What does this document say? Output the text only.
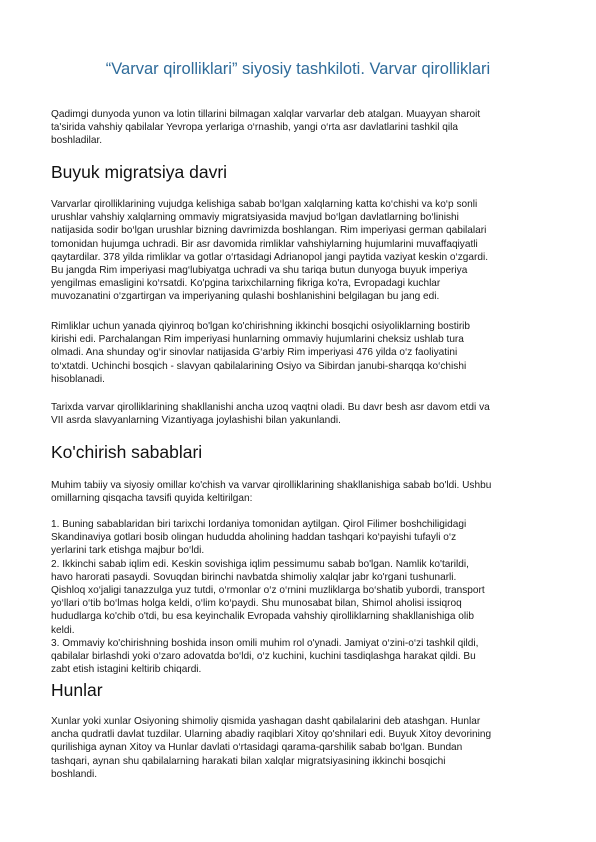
“Varvar qirolliklari” siyosiy tashkiloti. Varvar qirolliklari

Qadimgi dunyoda yunon va lotin tillarini bilmagan xalqlar varvarlar deb atalgan. Muayyan sharoit
ta'sirida vahshiy qabilalar Yevropa yerlariga o‘rnashib, yangi o‘rta asr davlatlarini tashkil qila
boshladilar.

Buyuk migratsiya davri

Varvarlar qirolliklarining vujudga kelishiga sabab bo‘lgan xalqlarning katta ko‘chishi va ko‘p sonli
urushlar vahshiy xalqlarning ommaviy migratsiyasida mavjud bo‘lgan davlatlarning bo‘linishi
natijasida sodir bo‘lgan urushlar bizning davrimizda boshlangan. Rim imperiyasi german qabilalari
tomonidan hujumga uchradi. Bir asr davomida rimliklar vahshiylarning hujumlarini muvaffaqiyatli
qaytardilar. 378 yilda rimliklar va gotlar o‘rtasidagi Adrianopol jangi paytida vaziyat keskin o‘zgardi.
Bu jangda Rim imperiyasi mag‘lubiyatga uchradi va shu tariqa butun dunyoga buyuk imperiya
yengilmas emasligini ko‘rsatdi. Ko'pgina tarixchilarning fikriga ko'ra, Evropadagi kuchlar
muvozanatini o‘zgartirgan va imperiyaning qulashi boshlanishini belgilagan bu jang edi.

Rimliklar uchun yanada qiyinroq bo'lgan ko'chirishning ikkinchi bosqichi osiyoliklarning bostirib
kirishi edi. Parchalangan Rim imperiyasi hunlarning ommaviy hujumlarini cheksiz ushlab tura
olmadi. Ana shunday og‘ir sinovlar natijasida G‘arbiy Rim imperiyasi 476 yilda o‘z faoliyatini
to‘xtatdi. Uchinchi bosqich - slavyan qabilalarining Osiyo va Sibirdan janubi-sharqqa ko‘chishi
hisoblanadi.

Tarixda varvar qirolliklarining shakllanishi ancha uzoq vaqtni oladi. Bu davr besh asr davom etdi va
VII asrda slavyanlarning Vizantiyaga joylashishi bilan yakunlandi.

Ko'chirish sabablari

Muhim tabiiy va siyosiy omillar ko'chish va varvar qirolliklarining shakllanishiga sabab bo'ldi. Ushbu
omillarning qisqacha tavsifi quyida keltirilgan:

1. Buning sabablaridan biri tarixchi Iordaniya tomonidan aytilgan. Qirol Filimer boshchiligidagi
Skandinaviya gotlari bosib olingan hududda aholining haddan tashqari ko‘payishi tufayli o‘z
yerlarini tark etishga majbur bo‘ldi.
2. Ikkinchi sabab iqlim edi. Keskin sovishiga iqlim pessimumu sabab bo'lgan. Namlik ko'tarildi,
havo harorati pasaydi. Sovuqdan birinchi navbatda shimoliy xalqlar jabr ko'rgani tushunarli.
Qishloq xo‘jaligi tanazzulga yuz tutdi, o‘rmonlar o‘z o‘rnini muzliklarga bo‘shatib yubordi, transport
yo‘llari o‘tib bo‘lmas holga keldi, o‘lim ko‘paydi. Shu munosabat bilan, Shimol aholisi issiqroq
hududlarga ko'chib o'tdi, bu esa keyinchalik Evropada vahshiy qirolliklarning shakllanishiga olib
keldi.
3. Ommaviy ko'chirishning boshida inson omili muhim rol o'ynadi. Jamiyat o‘zini-o‘zi tashkil qildi,
qabilalar birlashdi yoki o‘zaro adovatda bo‘ldi, o‘z kuchini, kuchini tasdiqlashga harakat qildi. Bu
zabt etish istagini keltirib chiqardi.

Hunlar

Xunlar yoki xunlar Osiyoning shimoliy qismida yashagan dasht qabilalarini deb atashgan. Hunlar
ancha qudratli davlat tuzdilar. Ularning abadiy raqiblari Xitoy qo'shnilari edi. Buyuk Xitoy devorining
qurilishiga aynan Xitoy va Hunlar davlati o‘rtasidagi qarama-qarshilik sabab bo‘lgan. Bundan
tashqari, aynan shu qabilalarning harakati bilan xalqlar migratsiyasining ikkinchi bosqichi
boshlandi.
